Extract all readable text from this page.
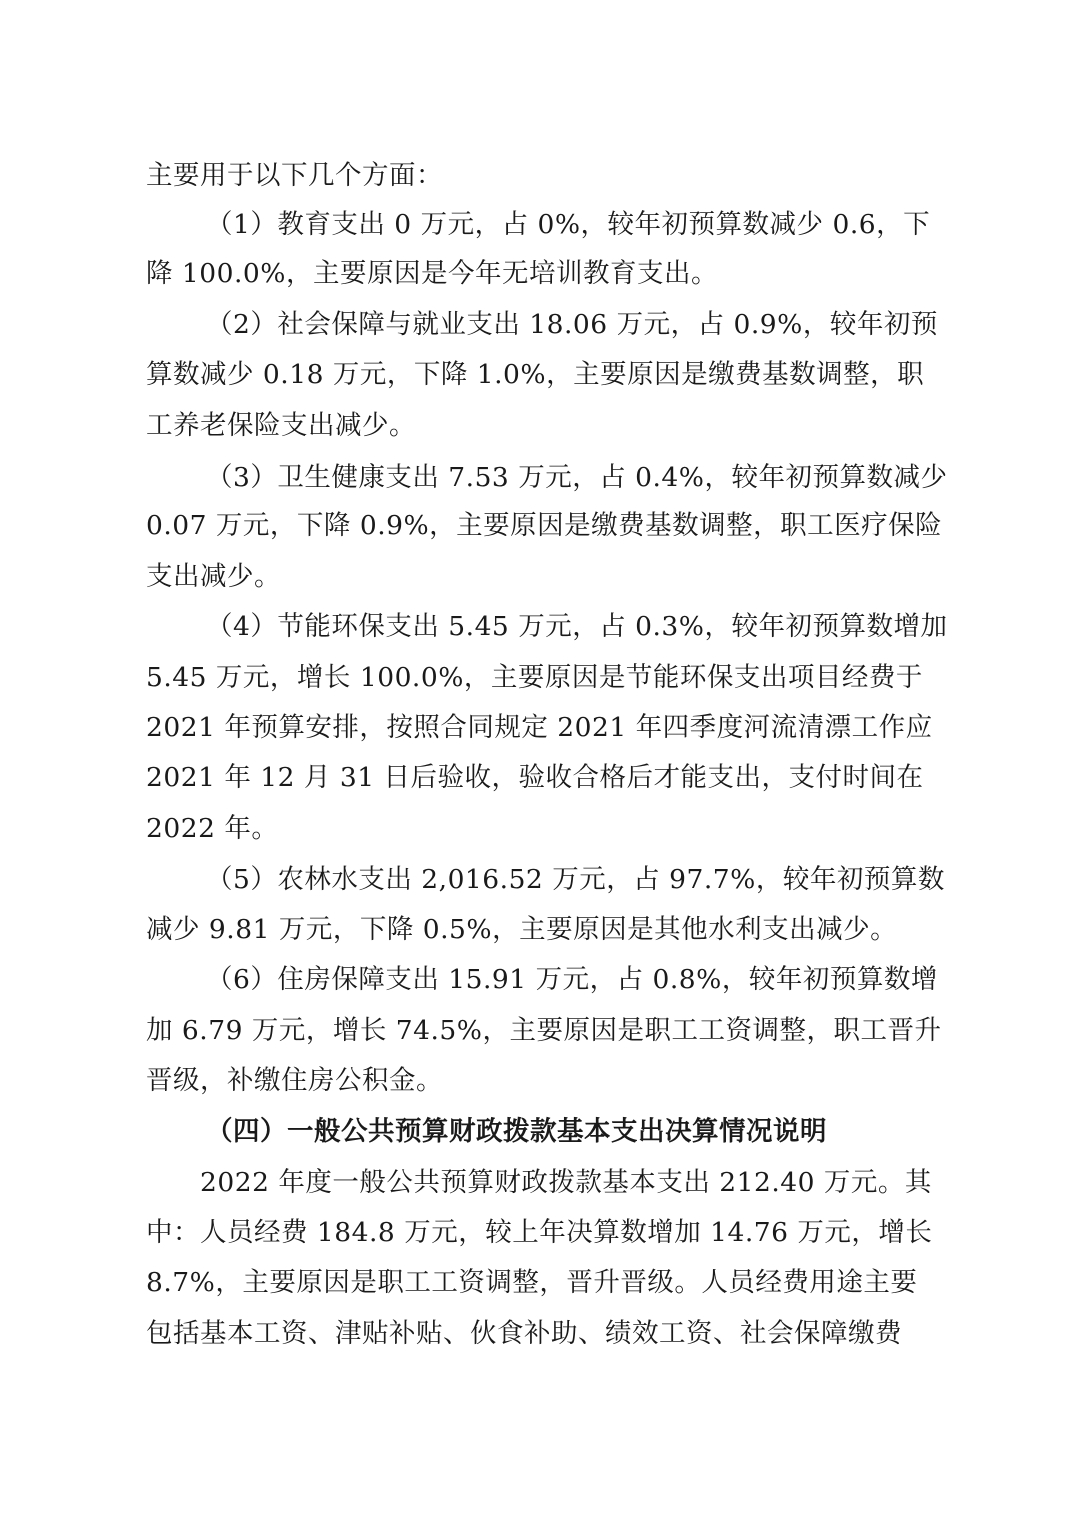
主要用于以下几个方面：
（1）教育支出 0 万元，占 0%，较年初预算数减少 0.6，下
降 100.0%，主要原因是今年无培训教育支出。
（2）社会保障与就业支出 18.06 万元，占 0.9%，较年初预
算数减少 0.18 万元，下降 1.0%，主要原因是缴费基数调整，职
工养老保险支出减少。
（3）卫生健康支出 7.53 万元，占 0.4%，较年初预算数减少
0.07 万元，下降 0.9%，主要原因是缴费基数调整，职工医疗保险
支出减少。
（4）节能环保支出 5.45 万元，占 0.3%，较年初预算数增加
5.45 万元，增长 100.0%，主要原因是节能环保支出项目经费于
2021 年预算安排，按照合同规定 2021 年四季度河流清漂工作应
2021 年 12 月 31 日后验收，验收合格后才能支出，支付时间在
2022 年。
（5）农林水支出 2,016.52 万元，占 97.7%，较年初预算数
减少 9.81 万元，下降 0.5%，主要原因是其他水利支出减少。
（6）住房保障支出 15.91 万元，占 0.8%，较年初预算数增
加 6.79 万元，增长 74.5%，主要原因是职工工资调整，职工晋升
晋级，补缴住房公积金。
（四）一般公共预算财政拨款基本支出决算情况说明
2022 年度一般公共预算财政拨款基本支出 212.40 万元。其
中：人员经费 184.8 万元，较上年决算数增加 14.76 万元，增长
8.7%，主要原因是职工工资调整，晋升晋级。人员经费用途主要
包括基本工资、津贴补贴、伙食补助、绩效工资、社会保障缴费
